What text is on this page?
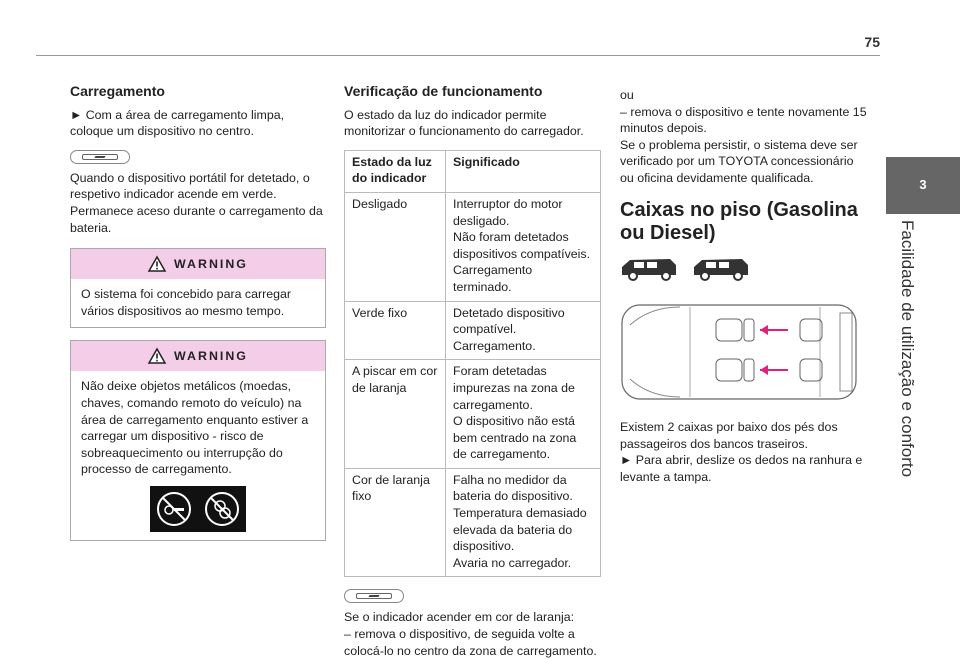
75
3
Facilidade de utilização e conforto
Carregamento

► Com a área de carregamento limpa, coloque um dispositivo no centro.

Quando o dispositivo portátil for detetado, o respetivo indicador acende em verde.

Permanece aceso durante o carregamento da bateria.

WARNING
O sistema foi concebido para carregar vários dispositivos ao mesmo tempo.
WARNING
Não deixe objetos metálicos (moedas, chaves, comando remoto do veículo) na área de carregamento enquanto estiver a carregar um dispositivo - risco de sobreaquecimento ou interrupção do processo de carregamento.
Verificação de funcionamento

O estado da luz do indicador permite monitorizar o funcionamento do carregador.

Estado da luz do indicador	Significado
Desligado	Interruptor do motor desligado.
Não foram detetados dispositivos compatíveis.
Carregamento terminado.
Verde fixo	Detetado dispositivo compatível.
Carregamento.
A piscar em cor de laranja	Foram detetadas impurezas na zona de carregamento.
O dispositivo não está bem centrado na zona de carregamento.
Cor de laranja fixo	Falha no medidor da bateria do dispositivo.
Temperatura demasiado elevada da bateria do dispositivo.
Avaria no carregador.

Se o indicador acender em cor de laranja:

– remova o dispositivo, de seguida volte a colocá-lo no centro da zona de carregamento.

ou

– remova o dispositivo e tente novamente 15 minutos depois.

Se o problema persistir, o sistema deve ser verificado por um TOYOTA concessionário ou oficina devidamente qualificada.

Caixas no piso (Gasolina ou Diesel)

Existem 2 caixas por baixo dos pés dos passageiros dos bancos traseiros.

► Para abrir, deslize os dedos na ranhura e levante a tampa.
